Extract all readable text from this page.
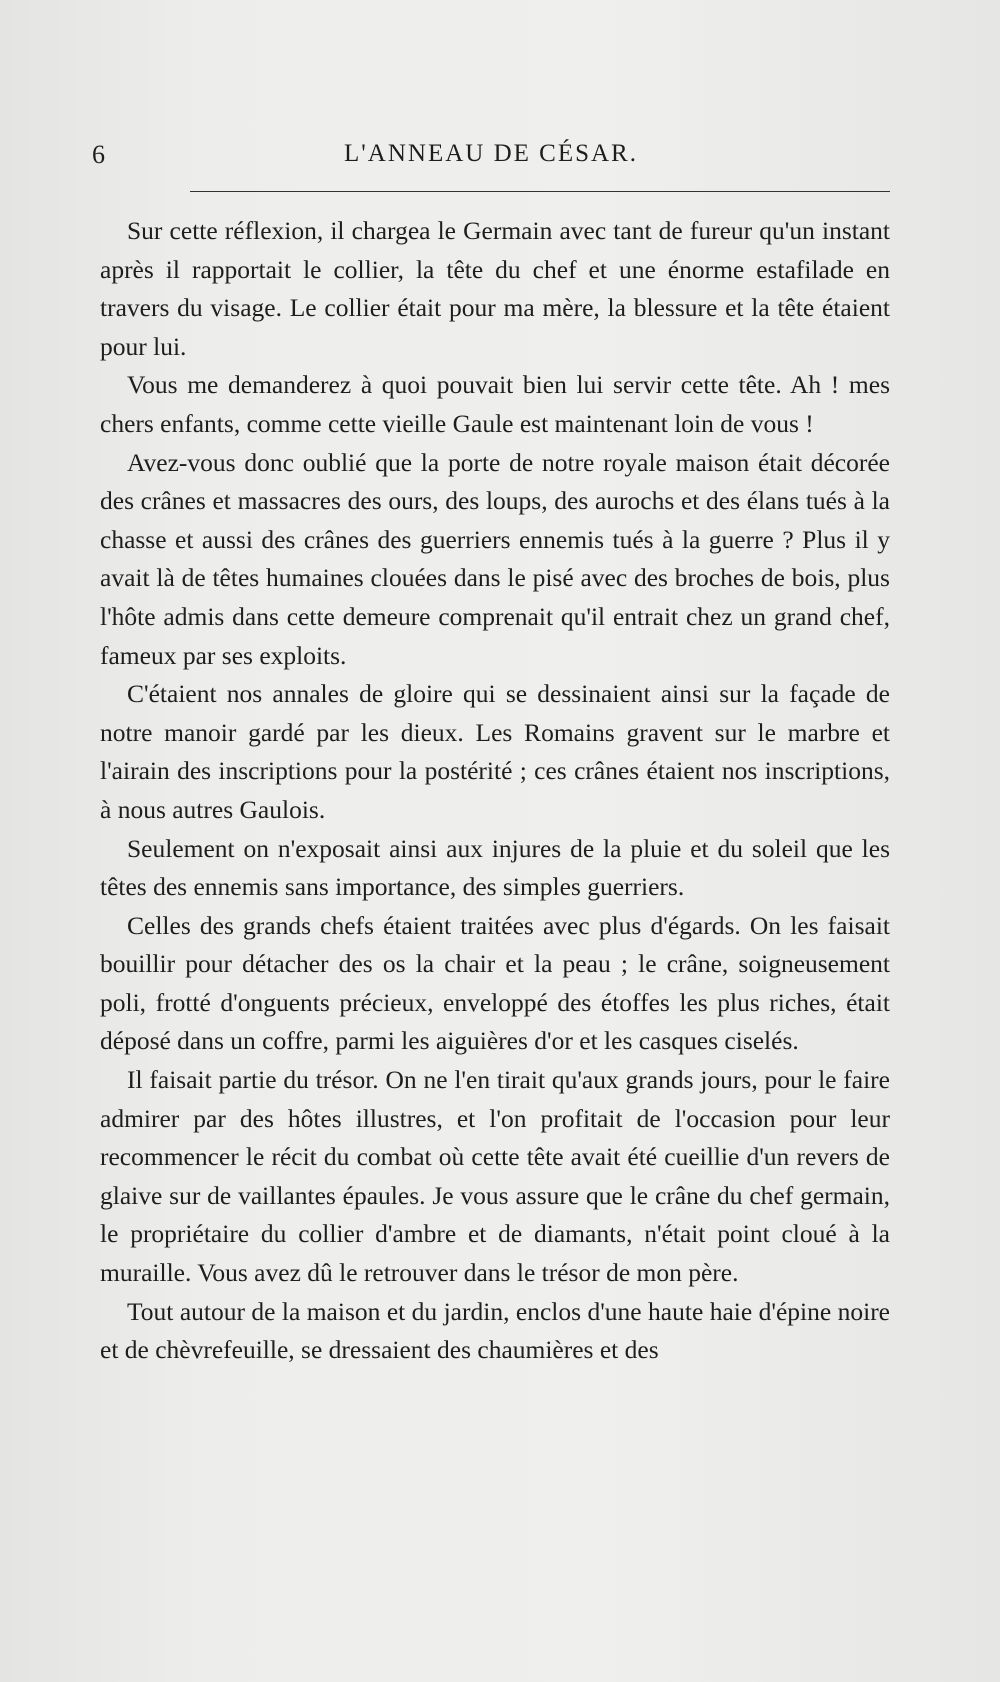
6	L'ANNEAU DE CÉSAR.

Sur cette réflexion, il chargea le Germain avec tant de fureur qu'un instant après il rapportait le collier, la tête du chef et une énorme estafilade en travers du visage. Le collier était pour ma mère, la blessure et la tête étaient pour lui.

Vous me demanderez à quoi pouvait bien lui servir cette tête. Ah ! mes chers enfants, comme cette vieille Gaule est maintenant loin de vous !

Avez-vous donc oublié que la porte de notre royale maison était décorée des crânes et massacres des ours, des loups, des aurochs et des élans tués à la chasse et aussi des crânes des guerriers ennemis tués à la guerre ? Plus il y avait là de têtes humaines clouées dans le pisé avec des broches de bois, plus l'hôte admis dans cette demeure comprenait qu'il entrait chez un grand chef, fameux par ses exploits.

C'étaient nos annales de gloire qui se dessinaient ainsi sur la façade de notre manoir gardé par les dieux. Les Romains gravent sur le marbre et l'airain des inscriptions pour la postérité ; ces crânes étaient nos inscriptions, à nous autres Gaulois.

Seulement on n'exposait ainsi aux injures de la pluie et du soleil que les têtes des ennemis sans importance, des simples guerriers.

Celles des grands chefs étaient traitées avec plus d'égards. On les faisait bouillir pour détacher des os la chair et la peau ; le crâne, soigneusement poli, frotté d'onguents précieux, enveloppé des étoffes les plus riches, était déposé dans un coffre, parmi les aiguières d'or et les casques ciselés.

Il faisait partie du trésor. On ne l'en tirait qu'aux grands jours, pour le faire admirer par des hôtes illustres, et l'on profitait de l'occasion pour leur recommencer le récit du combat où cette tête avait été cueillie d'un revers de glaive sur de vaillantes épaules. Je vous assure que le crâne du chef germain, le propriétaire du collier d'ambre et de diamants, n'était point cloué à la muraille. Vous avez dû le retrouver dans le trésor de mon père.

Tout autour de la maison et du jardin, enclos d'une haute haie d'épine noire et de chèvrefeuille, se dressaient des chaumières et des
